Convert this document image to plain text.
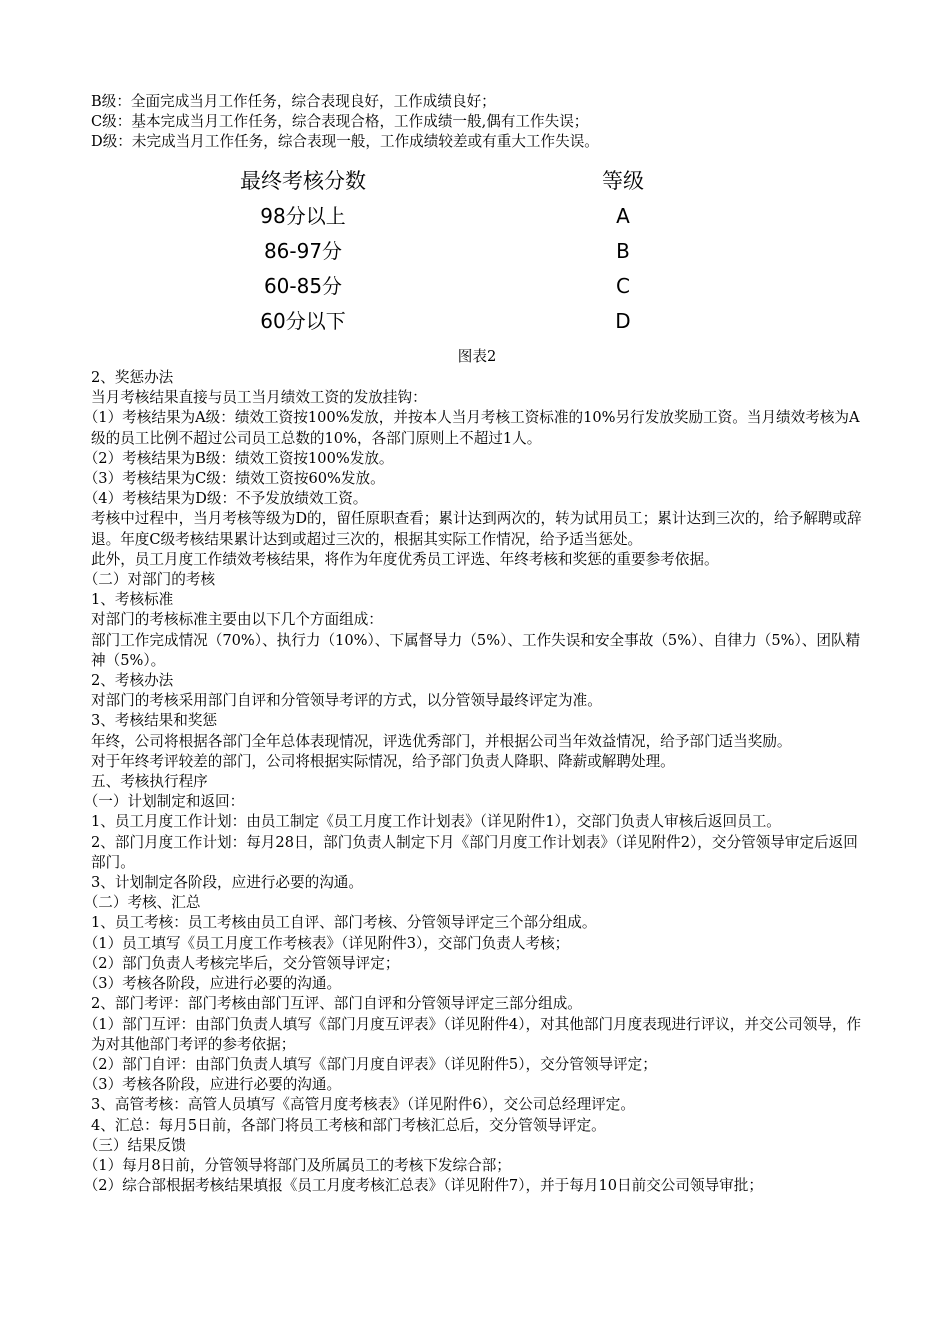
B级：全面完成当月工作任务，综合表现良好，工作成绩良好；

C级：基本完成当月工作任务，综合表现合格，工作成绩一般,偶有工作失误；

D级：未完成当月工作任务，综合表现一般，工作成绩较差或有重大工作失误。

最终考核分数	等级
98分以上	A
86-97分	B
60-85分	C
60分以下	D
图表2

2、奖惩办法

当月考核结果直接与员工当月绩效工资的发放挂钩：

（1）考核结果为A级：绩效工资按100%发放，并按本人当月考核工资标准的10%另行发放奖励工资。当月绩效考核为A级的员工比例不超过公司员工总数的10%，各部门原则上不超过1人。

（2）考核结果为B级：绩效工资按100%发放。

（3）考核结果为C级：绩效工资按60%发放。

（4）考核结果为D级：不予发放绩效工资。

考核中过程中，当月考核等级为D的，留任原职查看；累计达到两次的，转为试用员工；累计达到三次的，给予解聘或辞退。年度C级考核结果累计达到或超过三次的，根据其实际工作情况，给予适当惩处。

此外，员工月度工作绩效考核结果，将作为年度优秀员工评选、年终考核和奖惩的重要参考依据。

（二）对部门的考核

1、考核标准

对部门的考核标准主要由以下几个方面组成：

部门工作完成情况（70%）、执行力（10%）、下属督导力（5%）、工作失误和安全事故（5%）、自律力（5%）、团队精神（5%）。

2、考核办法

对部门的考核采用部门自评和分管领导考评的方式，以分管领导最终评定为准。

3、考核结果和奖惩

年终，公司将根据各部门全年总体表现情况，评选优秀部门，并根据公司当年效益情况，给予部门适当奖励。

对于年终考评较差的部门，公司将根据实际情况，给予部门负责人降职、降薪或解聘处理。

五、考核执行程序

（一）计划制定和返回：

1、员工月度工作计划：由员工制定《员工月度工作计划表》（详见附件1），交部门负责人审核后返回员工。

2、部门月度工作计划：每月28日，部门负责人制定下月《部门月度工作计划表》（详见附件2），交分管领导审定后返回部门。

3、计划制定各阶段，应进行必要的沟通。

（二）考核、汇总

1、员工考核：员工考核由员工自评、部门考核、分管领导评定三个部分组成。

（1）员工填写《员工月度工作考核表》（详见附件3），交部门负责人考核；

（2）部门负责人考核完毕后，交分管领导评定；

（3）考核各阶段，应进行必要的沟通。

2、部门考评：部门考核由部门互评、部门自评和分管领导评定三部分组成。

（1）部门互评：由部门负责人填写《部门月度互评表》（详见附件4），对其他部门月度表现进行评议，并交公司领导，作为对其他部门考评的参考依据；

（2）部门自评：由部门负责人填写《部门月度自评表》（详见附件5），交分管领导评定；

（3）考核各阶段，应进行必要的沟通。

3、高管考核：高管人员填写《高管月度考核表》（详见附件6），交公司总经理评定。

4、汇总：每月5日前，各部门将员工考核和部门考核汇总后，交分管领导评定。

（三）结果反馈

（1）每月8日前，分管领导将部门及所属员工的考核下发综合部；

（2）综合部根据考核结果填报《员工月度考核汇总表》（详见附件7），并于每月10日前交公司领导审批；
